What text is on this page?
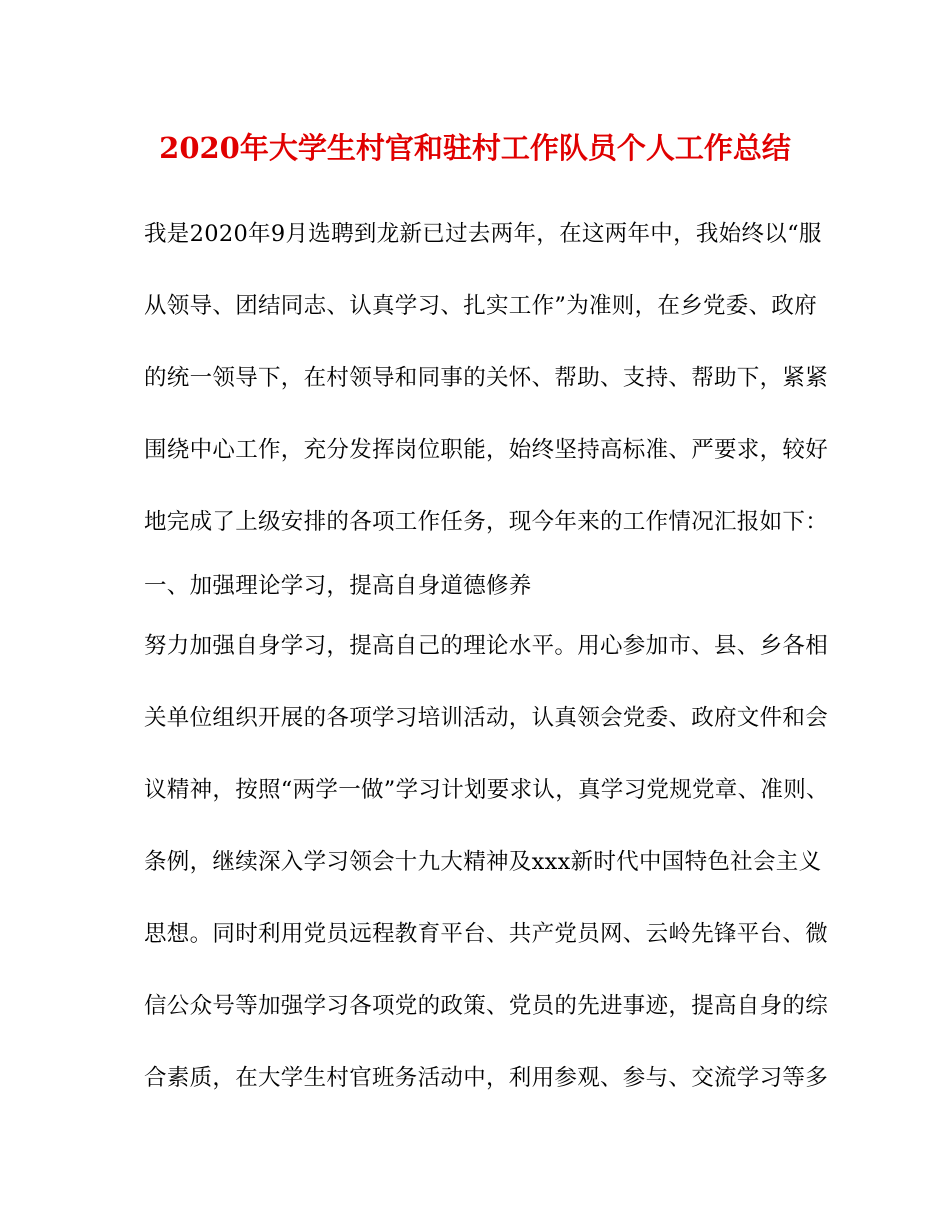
2020年大学生村官和驻村工作队员个人工作总结
我是2020年9月选聘到龙新已过去两年，在这两年中，我始终以“服
从领导、团结同志、认真学习、扎实工作”为准则，在乡党委、政府
的统一领导下，在村领导和同事的关怀、帮助、支持、帮助下，紧紧
围绕中心工作，充分发挥岗位职能，始终坚持高标准、严要求，较好
地完成了上级安排的各项工作任务，现今年来的工作情况汇报如下：
一、加强理论学习，提高自身道德修养
努力加强自身学习，提高自己的理论水平。用心参加市、县、乡各相
关单位组织开展的各项学习培训活动，认真领会党委、政府文件和会
议精神，按照“两学一做”学习计划要求认，真学习党规党章、准则、
条例，继续深入学习领会十九大精神及xxx新时代中国特色社会主义
思想。同时利用党员远程教育平台、共产党员网、云岭先锋平台、微
信公众号等加强学习各项党的政策、党员的先进事迹，提高自身的综
合素质，在大学生村官班务活动中，利用参观、参与、交流学习等多
